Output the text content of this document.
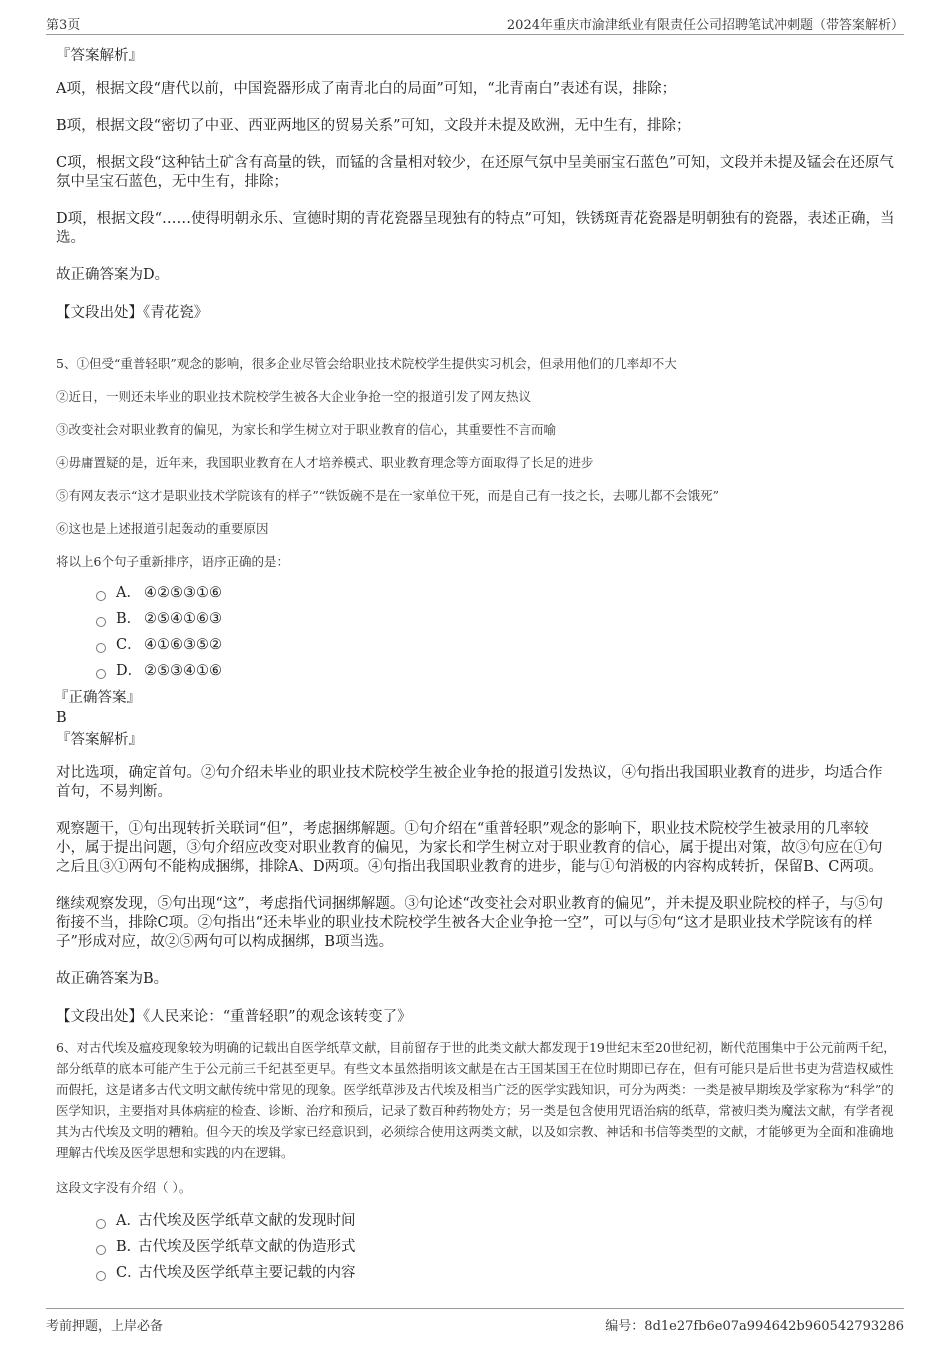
第3页	2024年重庆市渝津纸业有限责任公司招聘笔试冲刺题（带答案解析）

『答案解析』

A项，根据文段“唐代以前，中国瓷器形成了南青北白的局面”可知，“北青南白”表述有误，排除；

B项，根据文段“密切了中亚、西亚两地区的贸易关系”可知，文段并未提及欧洲，无中生有，排除；

C项，根据文段“这种钴土矿含有高量的铁，而锰的含量相对较少，在还原气氛中呈美丽宝石蓝色”可知，文段并未提及锰会在还原气氛中呈宝石蓝色，无中生有，排除；

D项，根据文段“……使得明朝永乐、宣德时期的青花瓷器呈现独有的特点”可知，铁锈斑青花瓷器是明朝独有的瓷器，表述正确，当选。

故正确答案为D。

【文段出处】《青花瓷》

5、①但受“重普轻职”观念的影响，很多企业尽管会给职业技术院校学生提供实习机会，但录用他们的几率却不大

②近日，一则还未毕业的职业技术院校学生被各大企业争抢一空的报道引发了网友热议

③改变社会对职业教育的偏见，为家长和学生树立对于职业教育的信心，其重要性不言而喻

④毋庸置疑的是，近年来，我国职业教育在人才培养模式、职业教育理念等方面取得了长足的进步

⑤有网友表示“这才是职业技术学院该有的样子”“铁饭碗不是在一家单位干死，而是自己有一技之长，去哪儿都不会饿死”

⑥这也是上述报道引起轰动的重要原因

将以上6个句子重新排序，语序正确的是：

A． ④②⑤③①⑥
B． ②⑤④①⑥③
C． ④①⑥③⑤②
D． ②⑤③④①⑥

『正确答案』

B

『答案解析』

对比选项，确定首句。②句介绍未毕业的职业技术院校学生被企业争抢的报道引发热议，④句指出我国职业教育的进步，均适合作首句，不易判断。

观察题干，①句出现转折关联词“但”，考虑捆绑解题。①句介绍在“重普轻职”观念的影响下，职业技术院校学生被录用的几率较小，属于提出问题，③句介绍应改变对职业教育的偏见，为家长和学生树立对于职业教育的信心，属于提出对策，故③句应在①句之后且③①两句不能构成捆绑，排除A、D两项。④句指出我国职业教育的进步，能与①句消极的内容构成转折，保留B、C两项。

继续观察发现，⑤句出现“这”，考虑指代词捆绑解题。③句论述“改变社会对职业教育的偏见”，并未提及职业院校的样子，与⑤句衔接不当，排除C项。②句指出“还未毕业的职业技术院校学生被各大企业争抢一空”，可以与⑤句“这才是职业技术学院该有的样子”形成对应，故②⑤两句可以构成捆绑，B项当选。

故正确答案为B。

【文段出处】《人民来论：“重普轻职”的观念该转变了》

6、对古代埃及瘟疫现象较为明确的记载出自医学纸草文献，目前留存于世的此类文献大都发现于19世纪末至20世纪初，断代范围集中于公元前两千纪，部分纸草的底本可能产生于公元前三千纪甚至更早。有些文本虽然指明该文献是在古王国某国王在位时期即已存在，但有可能只是后世书吏为营造权威性而假托，这是诸多古代文明文献传统中常见的现象。医学纸草涉及古代埃及相当广泛的医学实践知识，可分为两类：一类是被早期埃及学家称为“科学”的医学知识，主要指对具体病症的检查、诊断、治疗和预后，记录了数百种药物处方；另一类是包含使用咒语治病的纸草，常被归类为魔法文献，有学者视其为古代埃及文明的糟粕。但今天的埃及学家已经意识到，必须综合使用这两类文献，以及如宗教、神话和书信等类型的文献，才能够更为全面和准确地理解古代埃及医学思想和实践的内在逻辑。

这段文字没有介绍（ ）。

A．
古代埃及医学纸草文献的发现时间
B．
古代埃及医学纸草文献的伪造形式
C．
古代埃及医学纸草主要记载的内容
考前押题，上岸必备	编号：8d1e27fb6e07a994642b960542793286
